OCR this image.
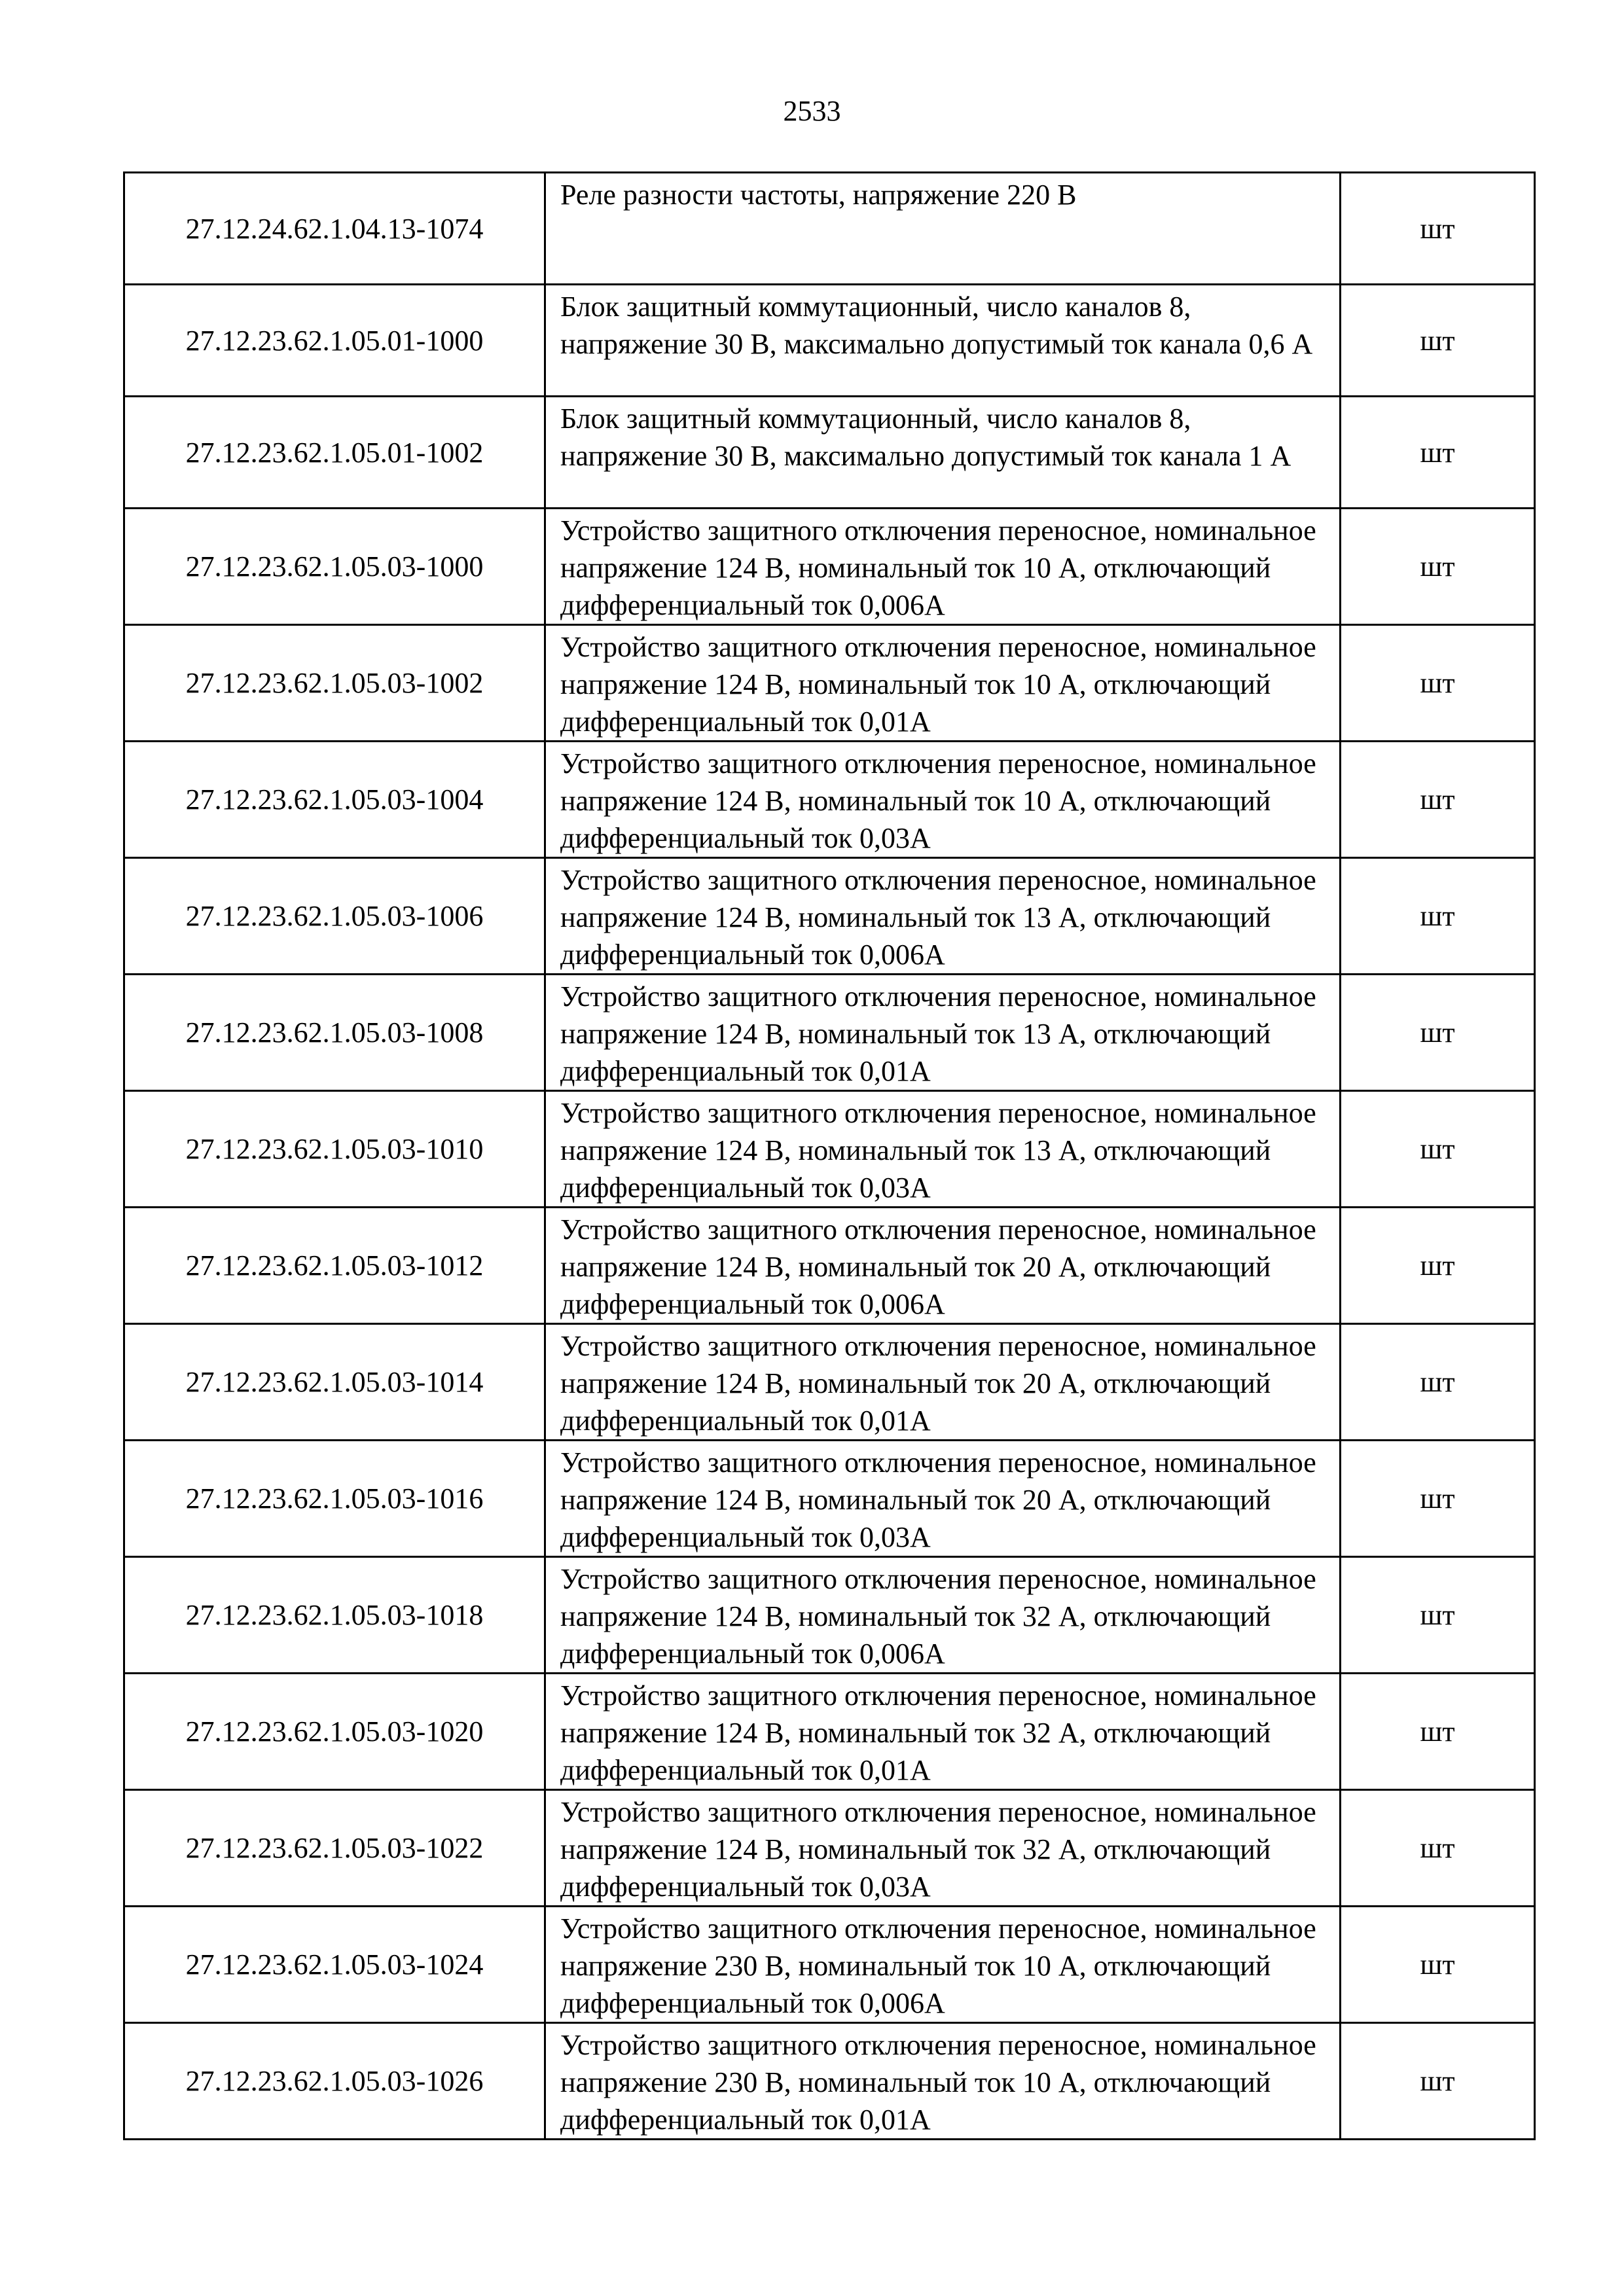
2533
27.12.24.62.1.04.13-1074	Реле разности частоты, напряжение 220 В	шт
27.12.23.62.1.05.01-1000	Блок защитный коммутационный, число каналов 8, напряжение 30 В, максимально допустимый ток канала 0,6 А	шт
27.12.23.62.1.05.01-1002	Блок защитный коммутационный, число каналов 8, напряжение 30 В, максимально допустимый ток канала 1 А	шт
27.12.23.62.1.05.03-1000	Устройство защитного отключения переносное, номинальное напряжение 124 В, номинальный ток 10 А, отключающий дифференциальный ток 0,006А	шт
27.12.23.62.1.05.03-1002	Устройство защитного отключения переносное, номинальное напряжение 124 В, номинальный ток 10 А, отключающий дифференциальный ток 0,01А	шт
27.12.23.62.1.05.03-1004	Устройство защитного отключения переносное, номинальное напряжение 124 В, номинальный ток 10 А, отключающий дифференциальный ток 0,03А	шт
27.12.23.62.1.05.03-1006	Устройство защитного отключения переносное, номинальное напряжение 124 В, номинальный ток 13 А, отключающий дифференциальный ток 0,006А	шт
27.12.23.62.1.05.03-1008	Устройство защитного отключения переносное, номинальное напряжение 124 В, номинальный ток 13 А, отключающий дифференциальный ток 0,01А	шт
27.12.23.62.1.05.03-1010	Устройство защитного отключения переносное, номинальное напряжение 124 В, номинальный ток 13 А, отключающий дифференциальный ток 0,03А	шт
27.12.23.62.1.05.03-1012	Устройство защитного отключения переносное, номинальное напряжение 124 В, номинальный ток 20 А, отключающий дифференциальный ток 0,006А	шт
27.12.23.62.1.05.03-1014	Устройство защитного отключения переносное, номинальное напряжение 124 В, номинальный ток 20 А, отключающий дифференциальный ток 0,01А	шт
27.12.23.62.1.05.03-1016	Устройство защитного отключения переносное, номинальное напряжение 124 В, номинальный ток 20 А, отключающий дифференциальный ток 0,03А	шт
27.12.23.62.1.05.03-1018	Устройство защитного отключения переносное, номинальное напряжение 124 В, номинальный ток 32 А, отключающий дифференциальный ток 0,006А	шт
27.12.23.62.1.05.03-1020	Устройство защитного отключения переносное, номинальное напряжение 124 В, номинальный ток 32 А, отключающий дифференциальный ток 0,01А	шт
27.12.23.62.1.05.03-1022	Устройство защитного отключения переносное, номинальное напряжение 124 В, номинальный ток 32 А, отключающий дифференциальный ток 0,03А	шт
27.12.23.62.1.05.03-1024	Устройство защитного отключения переносное, номинальное напряжение 230 В, номинальный ток 10 А, отключающий дифференциальный ток 0,006А	шт
27.12.23.62.1.05.03-1026	Устройство защитного отключения переносное, номинальное напряжение 230 В, номинальный ток 10 А, отключающий дифференциальный ток 0,01А	шт
